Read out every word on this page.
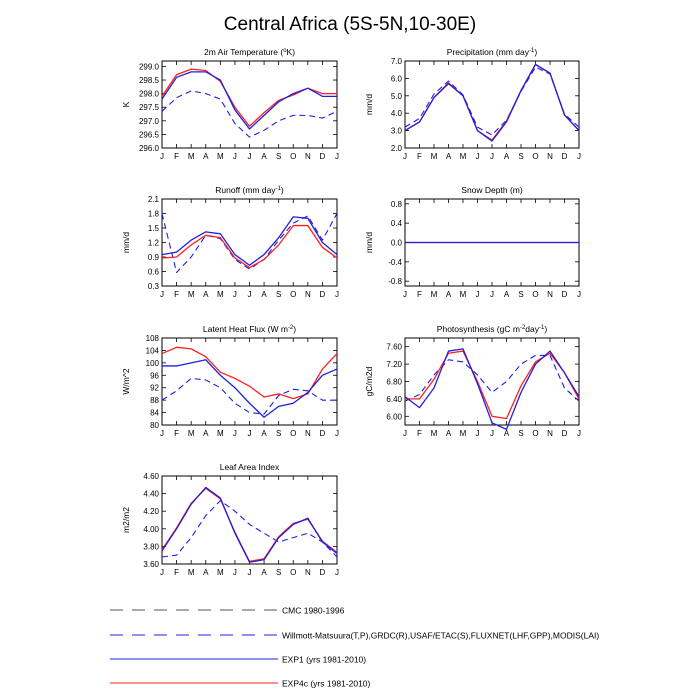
Central Africa (5S-5N,10-30E)
2m Air Temperature ($^o$K)
296.0
296.5
297.0
297.5
298.0
298.5
299.0
J F M A M J J A S O N D J
K
Precipitation (mm day$^{-1}$)
2.0
3.0
4.0
5.0
6.0
7.0
J F M A M J J A S O N D J
mm/d
Runoff (mm day$^{-1}$)
0.3
0.6
0.9
1.2
1.5
1.8
2.1
J F M A M J J A S O N D J
mm/d
Snow Depth (m)
-0.8
-0.4
0.0
0.4
0.8
J F M A M J J A S O N D J
mm/d
Latent Heat Flux (W $m^{-2}$)
80
84
88
92
96
100
104
108
J F M A M J J A S O N D J
W/m^2
Photosynthesis (gC $m^{-2}day^{-1}$)
6.00
6.40
6.80
7.20
7.60
J F M A M J J A S O N D J
gC/m2d
Leaf Area Index
3.60
3.80
4.00
4.20
4.40
4.60
J F M A M J J A S O N D J
m2/m2
CMC 1980-1996
Willmott-Matsuura(T,P),GRDC(R),USAF/ETAC(S),FLUXNET(LHF,GPP),MODIS(LAI)
EXP1 (yrs 1981-2010)
EXP4c (yrs 1981-2010)
